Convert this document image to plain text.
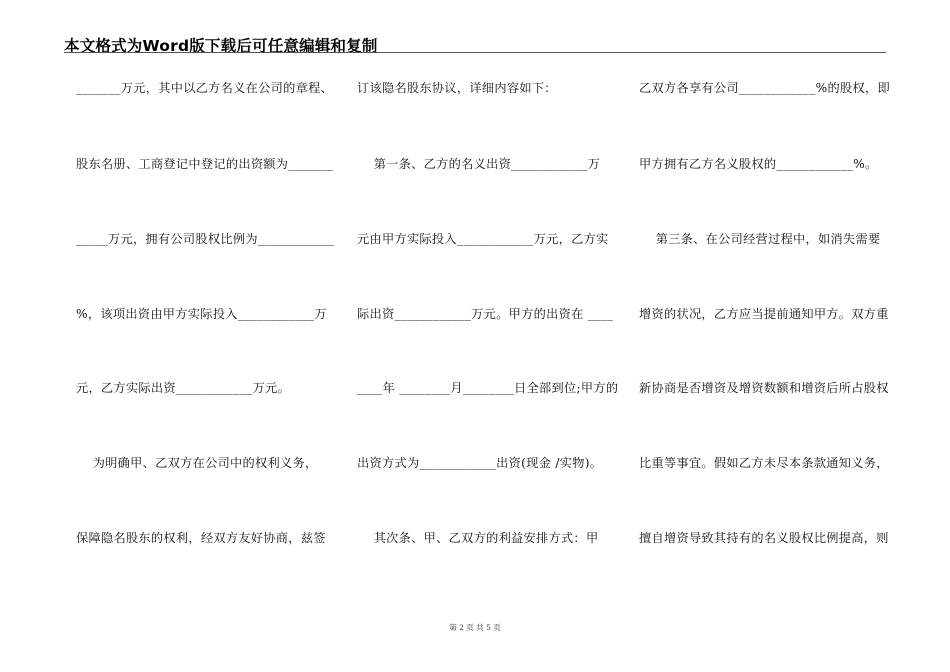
本文格式为Word版下载后可任意编辑和复制
_______万元，其中以乙方名义在公司的章程、
股东名册、工商登记中登记的出资额为_______
_____万元，拥有公司股权比例为____________
%，该项出资由甲方实际投入____________万
元，乙方实际出资____________万元。
为明确甲、乙双方在公司中的权利义务，
保障隐名股东的权利，经双方友好协商，兹签
订该隐名股东协议，详细内容如下：
第一条、乙方的名义出资____________万
元由甲方实际投入____________万元，乙方实
际出资____________万元。甲方的出资在 ____
____年 ________月________日全部到位;甲方的
出资方式为____________出资(现金 /实物)。
其次条、甲、乙双方的利益安排方式：甲
乙双方各享有公司____________%的股权，即
甲方拥有乙方名义股权的____________%。
第三条、在公司经营过程中，如消失需要
增资的状况，乙方应当提前通知甲方。双方重
新协商是否增资及增资数额和增资后所占股权
比重等事宜。假如乙方未尽本条款通知义务，
擅自增资导致其持有的名义股权比例提高，则
第 2 页 共 5 页
